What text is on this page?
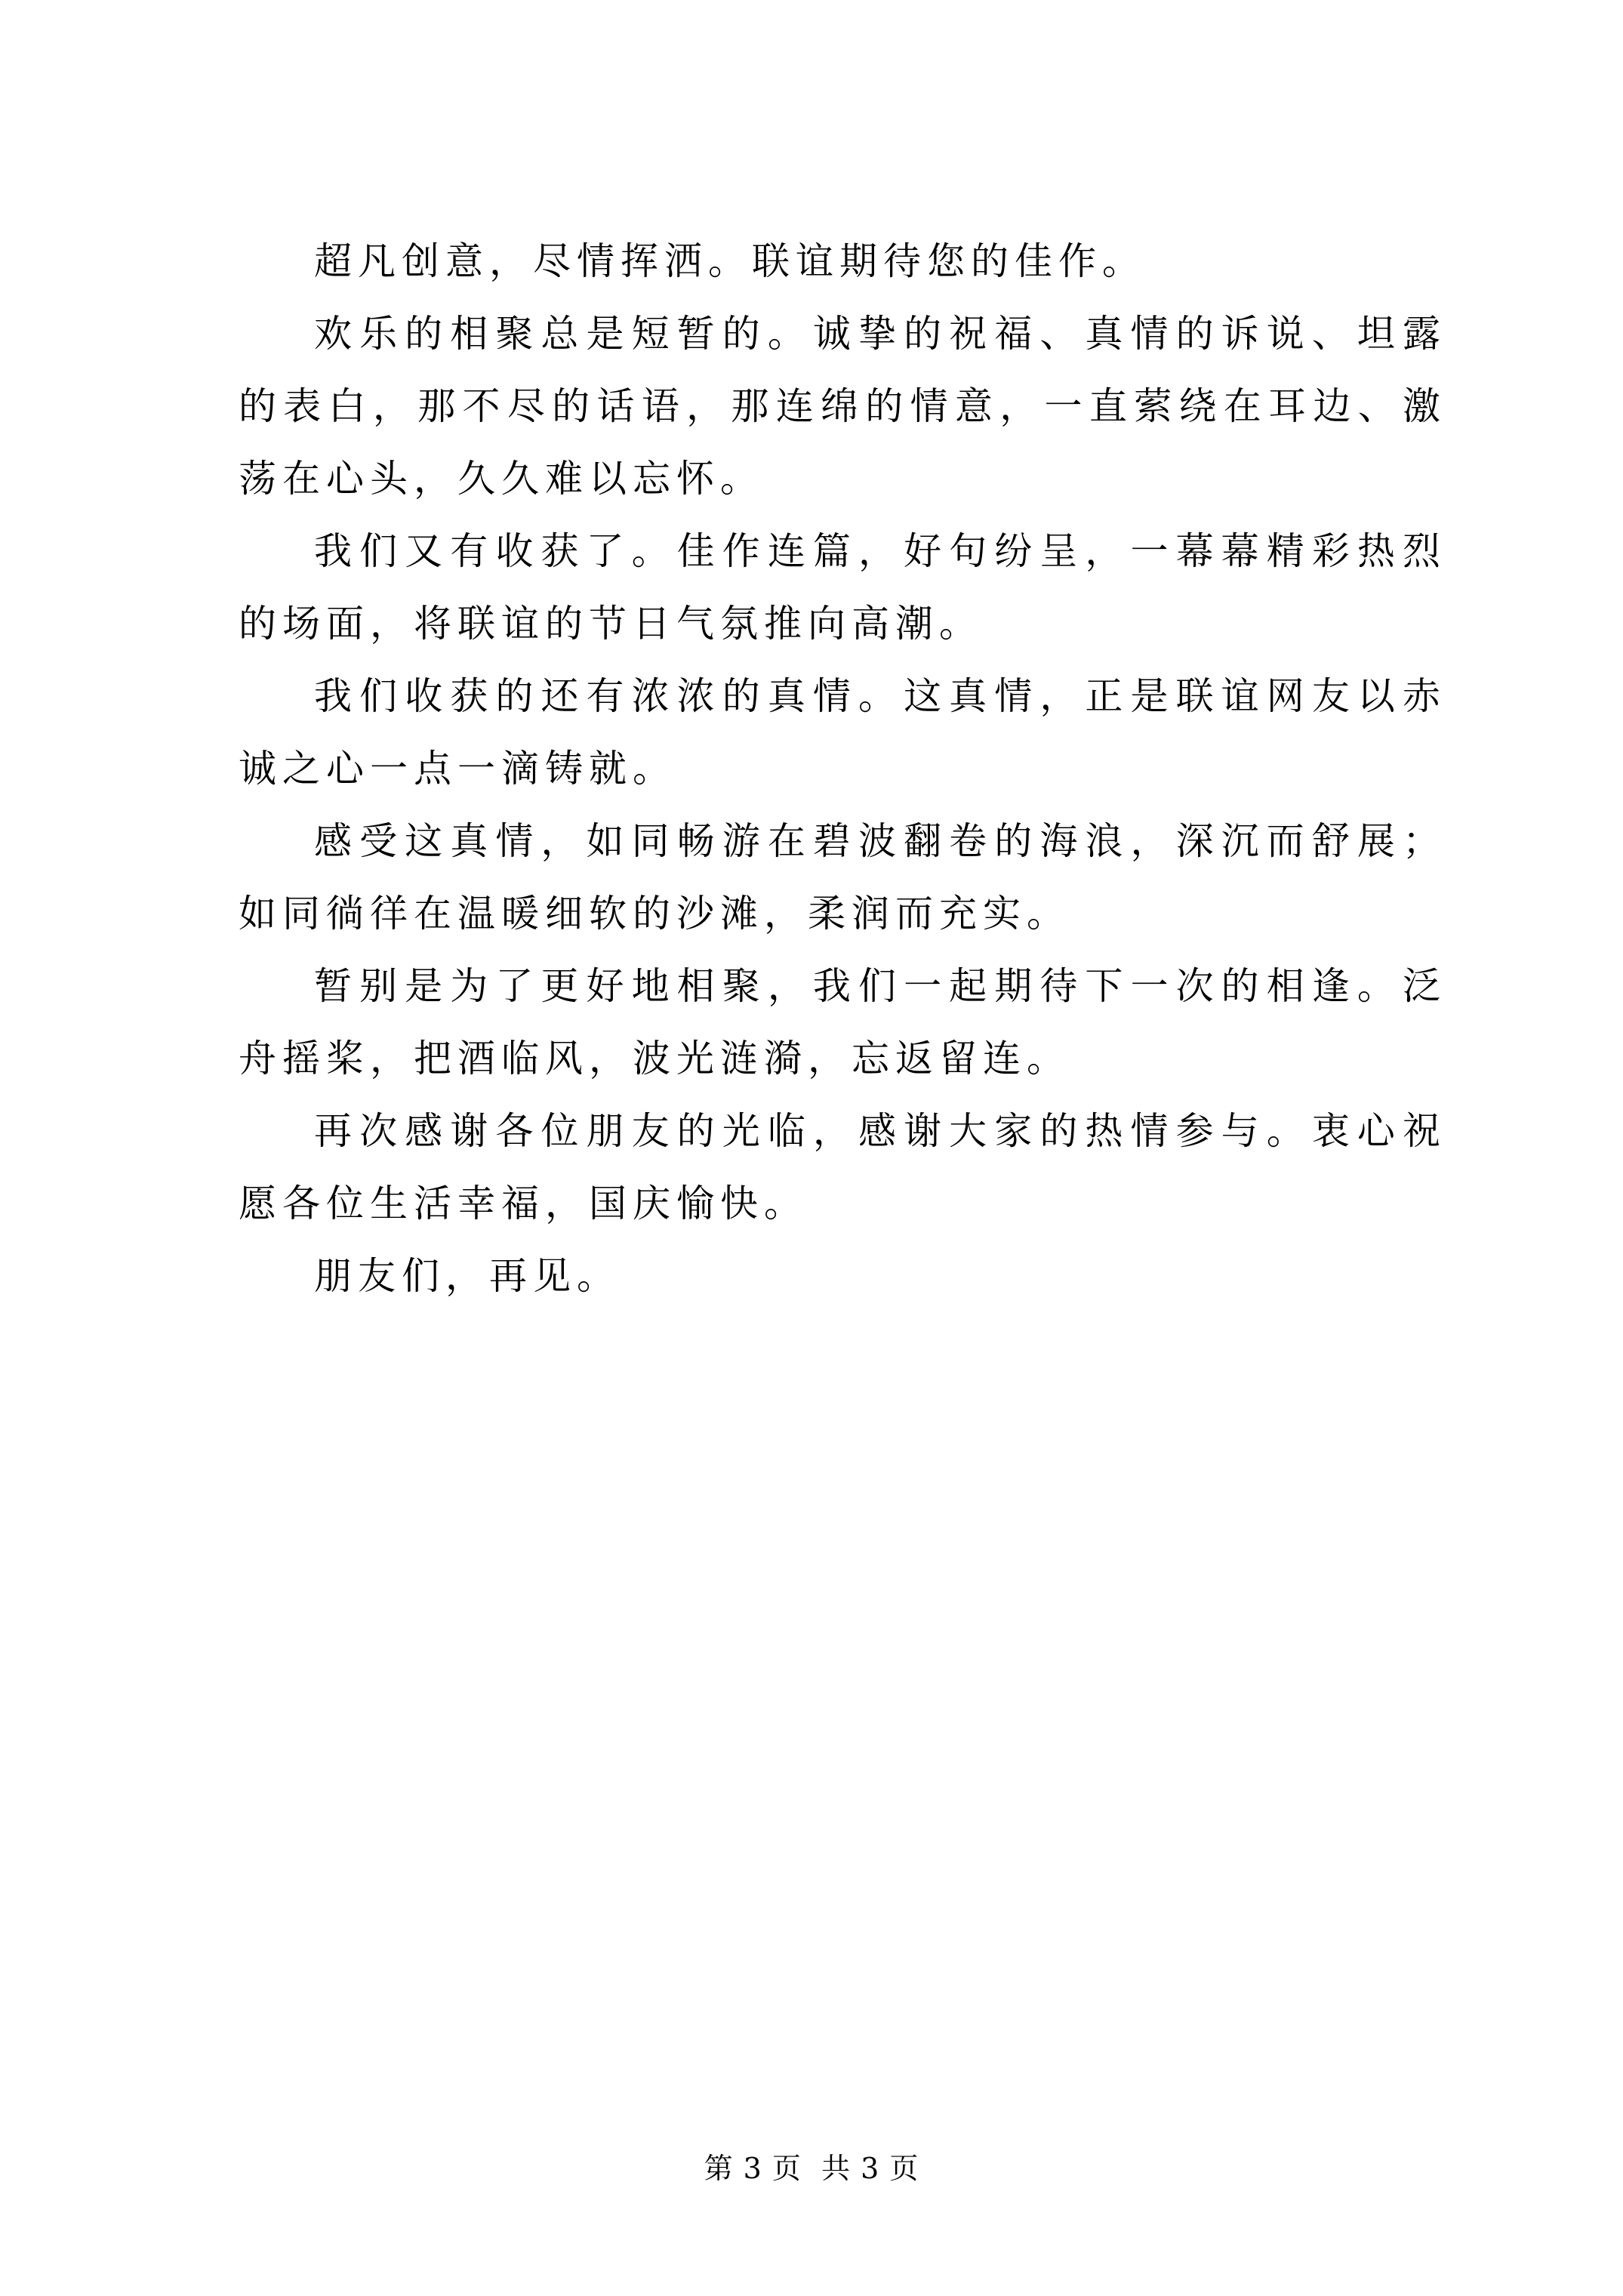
超凡创意，尽情挥洒。联谊期待您的佳作。

欢乐的相聚总是短暂的。诚挚的祝福、真情的诉说、坦露的表白，那不尽的话语，那连绵的情意，一直萦绕在耳边、激荡在心头，久久难以忘怀。

我们又有收获了。佳作连篇，好句纷呈，一幕幕精彩热烈的场面，将联谊的节日气氛推向高潮。

我们收获的还有浓浓的真情。这真情，正是联谊网友以赤诚之心一点一滴铸就。

感受这真情，如同畅游在碧波翻卷的海浪，深沉而舒展；如同徜徉在温暖细软的沙滩，柔润而充实。

暂别是为了更好地相聚，我们一起期待下一次的相逢。泛舟摇桨，把酒临风，波光涟漪，忘返留连。

再次感谢各位朋友的光临，感谢大家的热情参与。衷心祝愿各位生活幸福，国庆愉快。

朋友们，再见。

第 3 页  共 3 页
